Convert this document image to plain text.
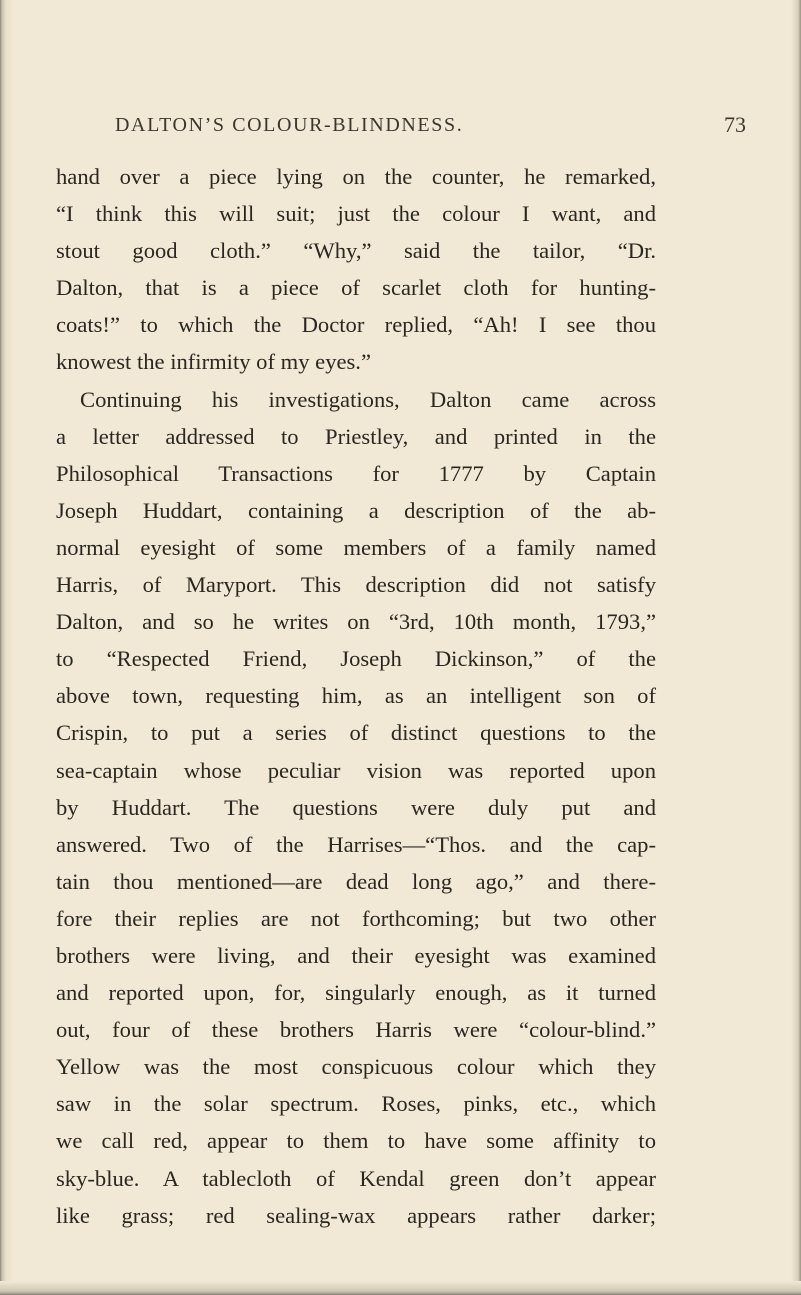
DALTON’S COLOUR-BLINDNESS.	73
hand over a piece lying on the counter, he remarked,
“I think this will suit; just the colour I want, and
stout good cloth.” “Why,” said the tailor, “Dr.
Dalton, that is a piece of scarlet cloth for hunting-
coats!” to which the Doctor replied, “Ah! I see thou
knowest the infirmity of my eyes.”
Continuing his investigations, Dalton came across
a letter addressed to Priestley, and printed in the
Philosophical Transactions for 1777 by Captain
Joseph Huddart, containing a description of the ab-
normal eyesight of some members of a family named
Harris, of Maryport. This description did not satisfy
Dalton, and so he writes on “3rd, 10th month, 1793,”
to “Respected Friend, Joseph Dickinson,” of the
above town, requesting him, as an intelligent son of
Crispin, to put a series of distinct questions to the
sea-captain whose peculiar vision was reported upon
by Huddart. The questions were duly put and
answered. Two of the Harrises—“Thos. and the cap-
tain thou mentioned—are dead long ago,” and there-
fore their replies are not forthcoming; but two other
brothers were living, and their eyesight was examined
and reported upon, for, singularly enough, as it turned
out, four of these brothers Harris were “colour-blind.”
Yellow was the most conspicuous colour which they
saw in the solar spectrum. Roses, pinks, etc., which
we call red, appear to them to have some affinity to
sky-blue. A tablecloth of Kendal green don’t appear
like grass; red sealing-wax appears rather darker;
